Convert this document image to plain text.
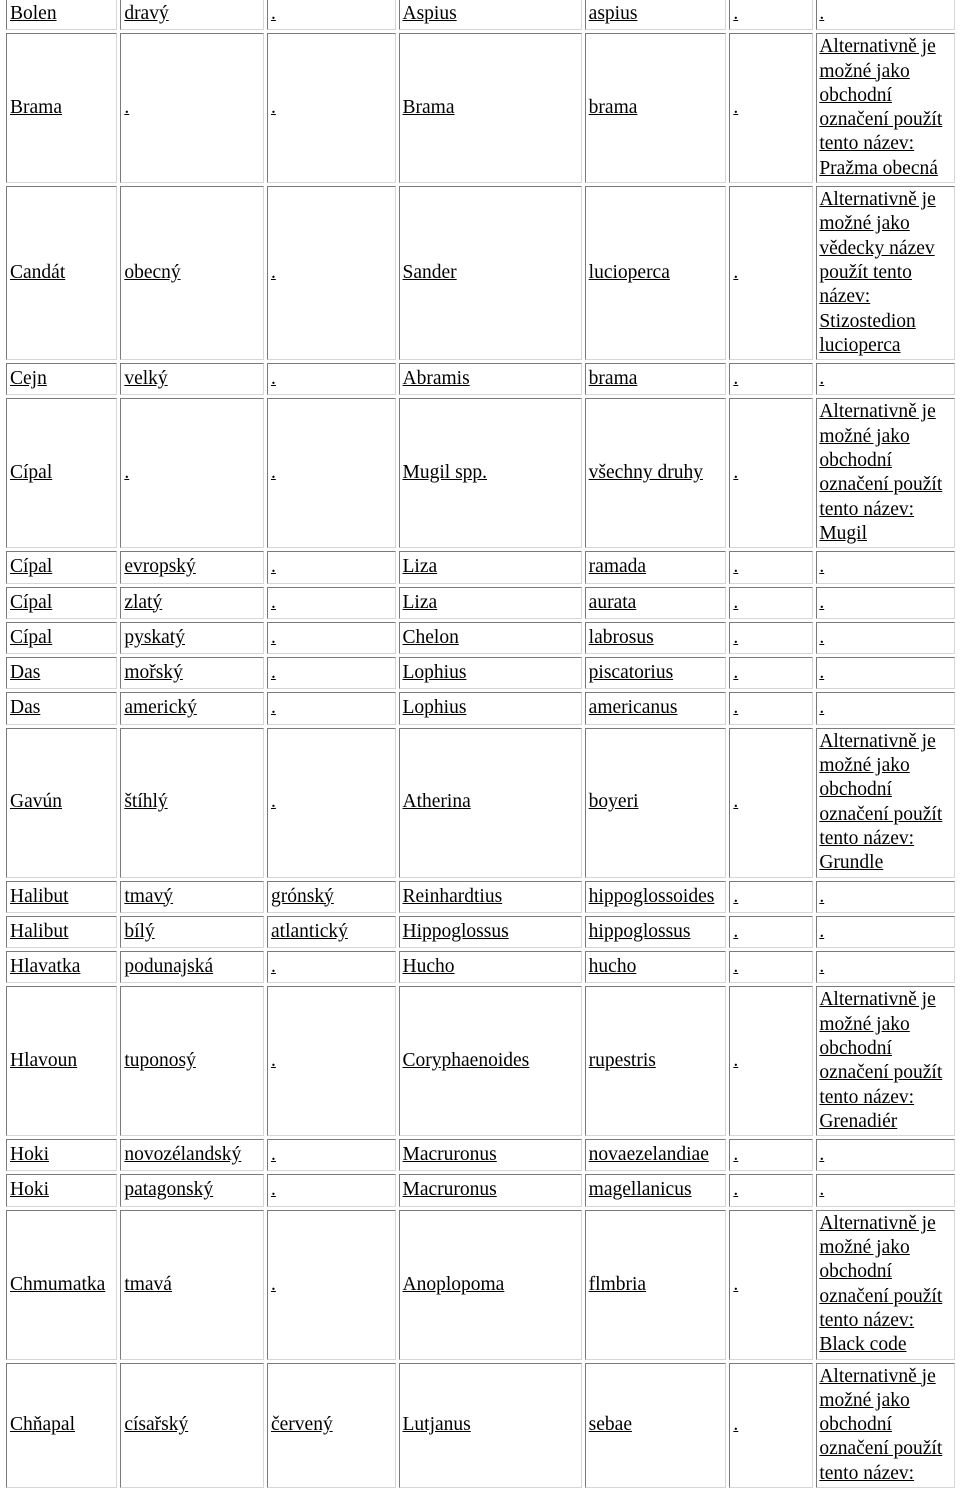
Bolen	dravý	.	Aspius	aspius	.	.
Brama	.	.	Brama	brama	.	Alternativně je možné jako obchodní označení použít tento název: Pražma obecná
Candát	obecný	.	Sander	lucioperca	.	Alternativně je možné jako vědecky název použít tento název: Stizostedion lucioperca
Cejn	velký	.	Abramis	brama	.	.
Cípal	.	.	Mugil spp.	všechny druhy	.	Alternativně je možné jako obchodní označení použít tento název: Mugil
Cípal	evropský	.	Liza	ramada	.	.
Cípal	zlatý	.	Liza	aurata	.	.
Cípal	pyskatý	.	Chelon	labrosus	.	.
Das	mořský	.	Lophius	piscatorius	.	.
Das	americký	.	Lophius	americanus	.	.
Gavún	štíhlý	.	Atherina	boyeri	.	Alternativně je možné jako obchodní označení použít tento název: Grundle
Halibut	tmavý	grónský	Reinhardtius	hippoglossoides	.	.
Halibut	bílý	atlantický	Hippoglossus	hippoglossus	.	.
Hlavatka	podunajská	.	Hucho	hucho	.	.
Hlavoun	tuponosý	.	Coryphaenoides	rupestris	.	Alternativně je možné jako obchodní označení použít tento název: Grenadiér
Hoki	novozélandský	.	Macruronus	novaezelandiae	.	.
Hoki	patagonský	.	Macruronus	magellanicus	.	.
Chmumatka	tmavá	.	Anoplopoma	flmbria	.	Alternativně je možné jako obchodní označení použít tento název: Black code
Chňapal	císařský	červený	Lutjanus	sebae	.	Alternativně je možné jako obchodní označení použít tento název:
